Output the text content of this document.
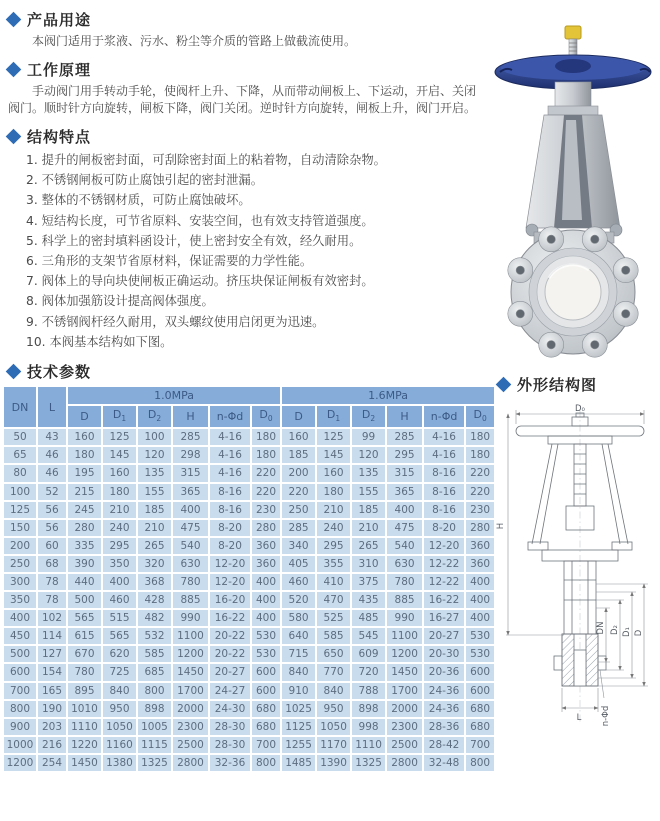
产品用途

本阀门适用于浆液、污水、粉尘等介质的管路上做截流使用。

工作原理

手动阀门用手转动手轮，使阀杆上升、下降，从而带动闸板上、下运动，开启、关闭阀门。顺时针方向旋转，闸板下降，阀门关闭。逆时针方向旋转，闸板上升，阀门开启。

结构特点
1. 提升的闸板密封面，可刮除密封面上的粘着物，自动清除杂物。
2. 不锈钢闸板可防止腐蚀引起的密封泄漏。
3. 整体的不锈钢材质，可防止腐蚀破坏。
4. 短结构长度，可节省原料、安装空间，也有效支持管道强度。
5. 科学上的密封填料函设计，使上密封安全有效，经久耐用。
6. 三角形的支架节省原材料，保证需要的力学性能。
7. 阀体上的导向块使闸板正确运动。挤压块保证闸板有效密封。
8. 阀体加强筋设计提高阀体强度。
9. 不锈钢阀杆经久耐用，双头螺纹使用启闭更为迅速。
10. 本阀基本结构如下图。
技术参数
DN	L	1.0MPa						1.6MPa					
		D	$D_1$	$D_2$	H	n-Φd	$D_0$	D	$D_1$	$D_2$	H	n-Φd	$D_0$
50	43	160	125	100	285	4-16	180	160	125	99	285	4-16	180
65	46	180	145	120	298	4-16	180	185	145	120	295	4-16	180
80	46	195	160	135	315	4-16	220	200	160	135	315	8-16	220
100	52	215	180	155	365	8-16	220	220	180	155	365	8-16	220
125	56	245	210	185	400	8-16	230	250	210	185	400	8-16	230
150	56	280	240	210	475	8-20	280	285	240	210	475	8-20	280
200	60	335	295	265	540	8-20	360	340	295	265	540	12-20	360
250	68	390	350	320	630	12-20	360	405	355	310	630	12-22	360
300	78	440	400	368	780	12-20	400	460	410	375	780	12-22	400
350	78	500	460	428	885	16-20	400	520	470	435	885	16-22	400
400	102	565	515	482	990	16-22	400	580	525	485	990	16-27	400
450	114	615	565	532	1100	20-22	530	640	585	545	1100	20-27	530
500	127	670	620	585	1200	20-22	530	715	650	609	1200	20-30	530
600	154	780	725	685	1450	20-27	600	840	770	720	1450	20-36	600
700	165	895	840	800	1700	24-27	600	910	840	788	1700	24-36	600
800	190	1010	950	898	2000	24-30	680	1025	950	898	2000	24-36	680
900	203	1110	1050	1005	2300	28-30	680	1125	1050	998	2300	28-36	680
1000	216	1220	1160	1115	2500	28-30	700	1255	1170	1110	2500	28-42	700
1200	254	1450	1380	1325	2800	32-36	800	1485	1390	1325	2800	32-48	800
外形结构图
D₀
H
DN D₂ D₁ D
L n-Φd
